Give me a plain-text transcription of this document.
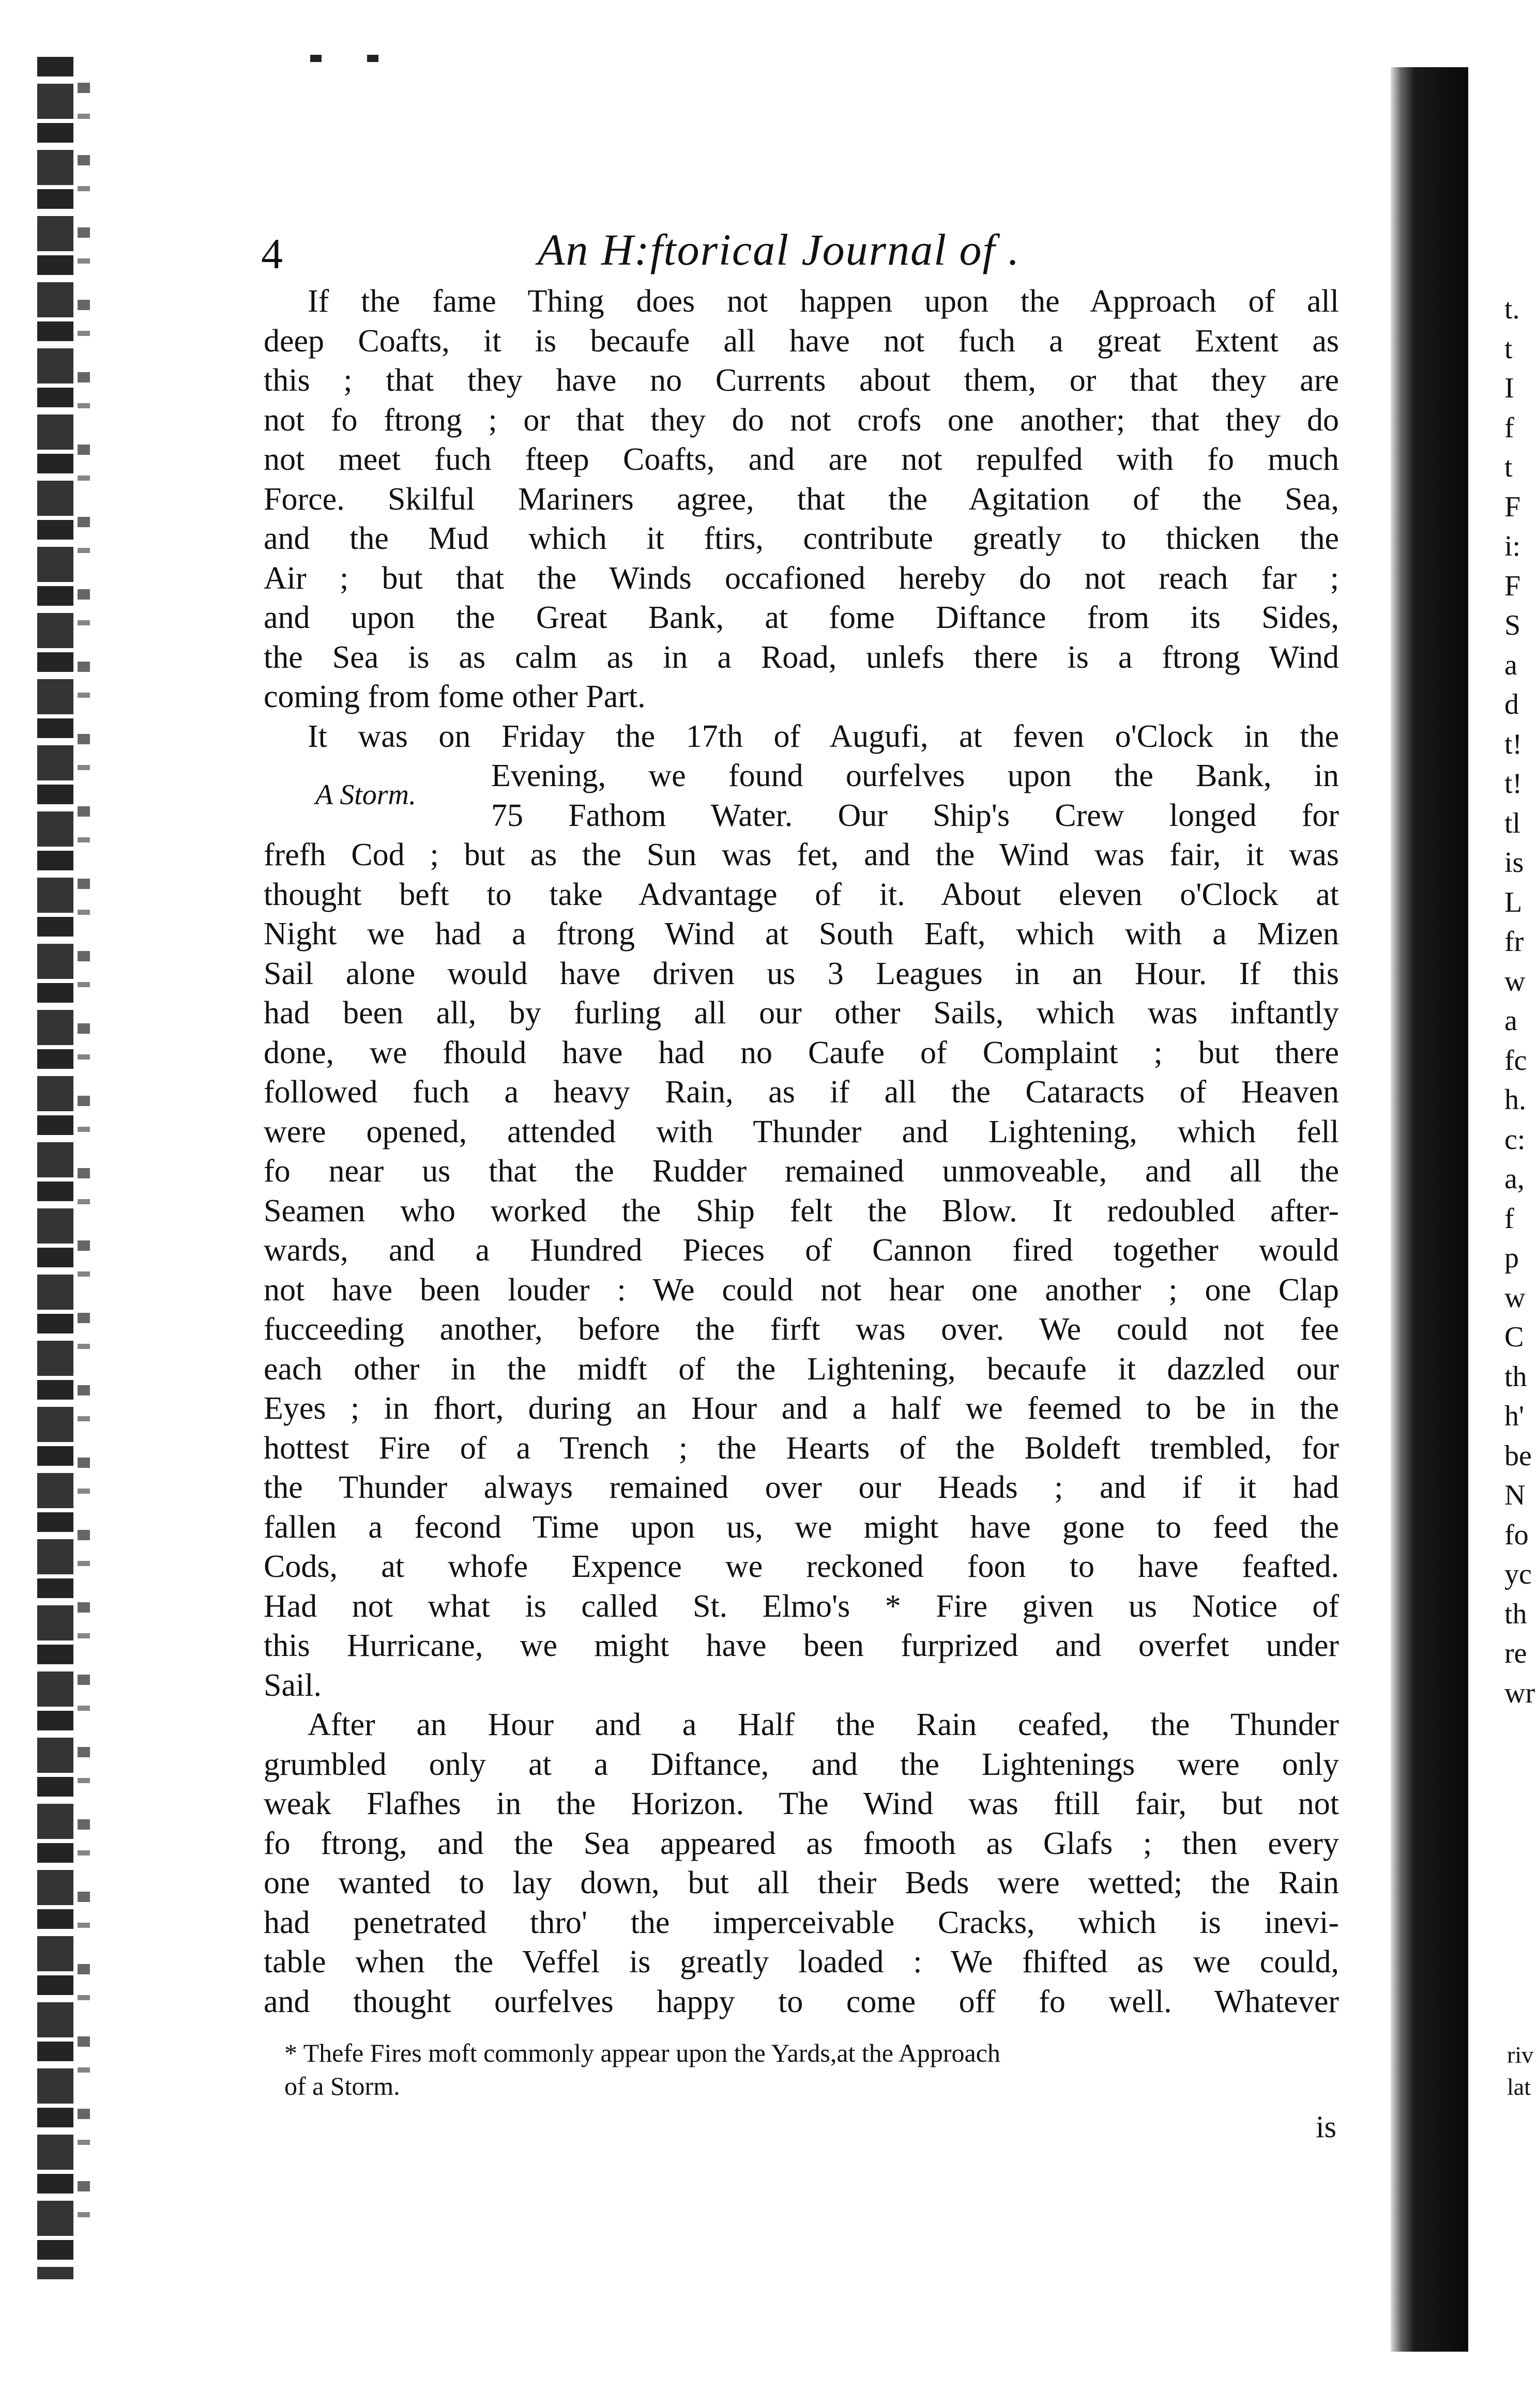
4	An H:ftorical Journal of .
A Storm.
If the fame Thing does not happen upon the Approach of all
deep Coafts, it is becaufe all have not fuch a great Extent as
this ; that they have no Currents about them, or that they are
not fo ftrong ; or that they do not crofs one another; that they do
not meet fuch fteep Coafts, and are not repulfed with fo much
Force. Skilful Mariners agree, that the Agitation of the Sea,
and the Mud which it ftirs, contribute greatly to thicken the
Air ; but that the Winds occafioned hereby do not reach far ;
and upon the Great Bank, at fome Diftance from its Sides,
the Sea is as calm as in a Road, unlefs there is a ftrong Wind
coming from fome other Part.
It was on Friday the 17th of Augufi, at feven o'Clock in the
Evening, we found ourfelves upon the Bank, in
75 Fathom Water. Our Ship's Crew longed for
frefh Cod ; but as the Sun was fet, and the Wind was fair, it was
thought beft to take Advantage of it. About eleven o'Clock at
Night we had a ftrong Wind at South Eaft, which with a Mizen
Sail alone would have driven us 3 Leagues in an Hour. If this
had been all, by furling all our other Sails, which was inftantly
done, we fhould have had no Caufe of Complaint ; but there
followed fuch a heavy Rain, as if all the Cataracts of Heaven
were opened, attended with Thunder and Lightening, which fell
fo near us that the Rudder remained unmoveable, and all the
Seamen who worked the Ship felt the Blow. It redoubled after-
wards, and a Hundred Pieces of Cannon fired together would
not have been louder : We could not hear one another ; one Clap
fucceeding another, before the firft was over. We could not fee
each other in the midft of the Lightening, becaufe it dazzled our
Eyes ; in fhort, during an Hour and a half we feemed to be in the
hottest Fire of a Trench ; the Hearts of the Boldeft trembled, for
the Thunder always remained over our Heads ; and if it had
fallen a fecond Time upon us, we might have gone to feed the
Cods, at whofe Expence we reckoned foon to have feafted.
Had not what is called St. Elmo's * Fire given us Notice of
this Hurricane, we might have been furprized and overfet under
Sail.
After an Hour and a Half the Rain ceafed, the Thunder
grumbled only at a Diftance, and the Lightenings were only
weak Flafhes in the Horizon. The Wind was ftill fair, but not
fo ftrong, and the Sea appeared as fmooth as Glafs ; then every
one wanted to lay down, but all their Beds were wetted; the Rain
had penetrated thro' the imperceivable Cracks, which is inevi-
table when the Veffel is greatly loaded : We fhifted as we could,
and thought ourfelves happy to come off fo well. Whatever
* Thefe Fires moft commonly appear upon the Yards,at the Approach
of a Storm.
is
t.
t
I
f
t
F
i:
F
S
a
d
t!
t!
tl
is
L
fr
w
a
fc
h.
c:
a,
f
p
w
C
th
h'
be
N
fo
yc
th
re
wr
riv
lat
